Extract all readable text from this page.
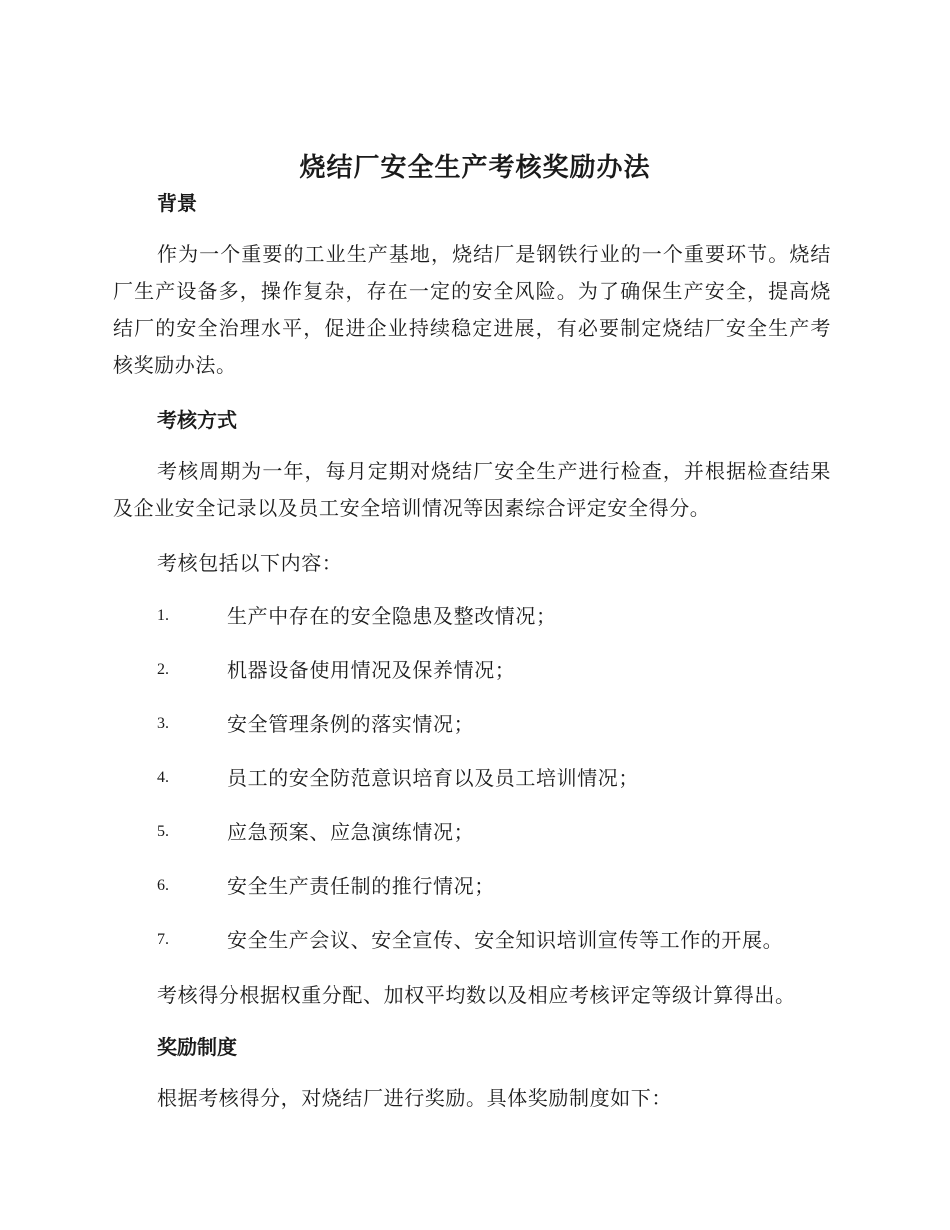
烧结厂安全生产考核奖励办法
背景
作为一个重要的工业生产基地，烧结厂是钢铁行业的一个重要环节。烧结厂生产设备多，操作复杂，存在一定的安全风险。为了确保生产安全，提高烧结厂的安全治理水平，促进企业持续稳定进展，有必要制定烧结厂安全生产考核奖励办法。
考核方式
考核周期为一年，每月定期对烧结厂安全生产进行检查，并根据检查结果及企业安全记录以及员工安全培训情况等因素综合评定安全得分。
考核包括以下内容：
1.	生产中存在的安全隐患及整改情况；
2.	机器设备使用情况及保养情况；
3.	安全管理条例的落实情况；
4.	员工的安全防范意识培育以及员工培训情况；
5.	应急预案、应急演练情况；
6.	安全生产责任制的推行情况；
7.	安全生产会议、安全宣传、安全知识培训宣传等工作的开展。
考核得分根据权重分配、加权平均数以及相应考核评定等级计算得出。
奖励制度
根据考核得分，对烧结厂进行奖励。具体奖励制度如下：
